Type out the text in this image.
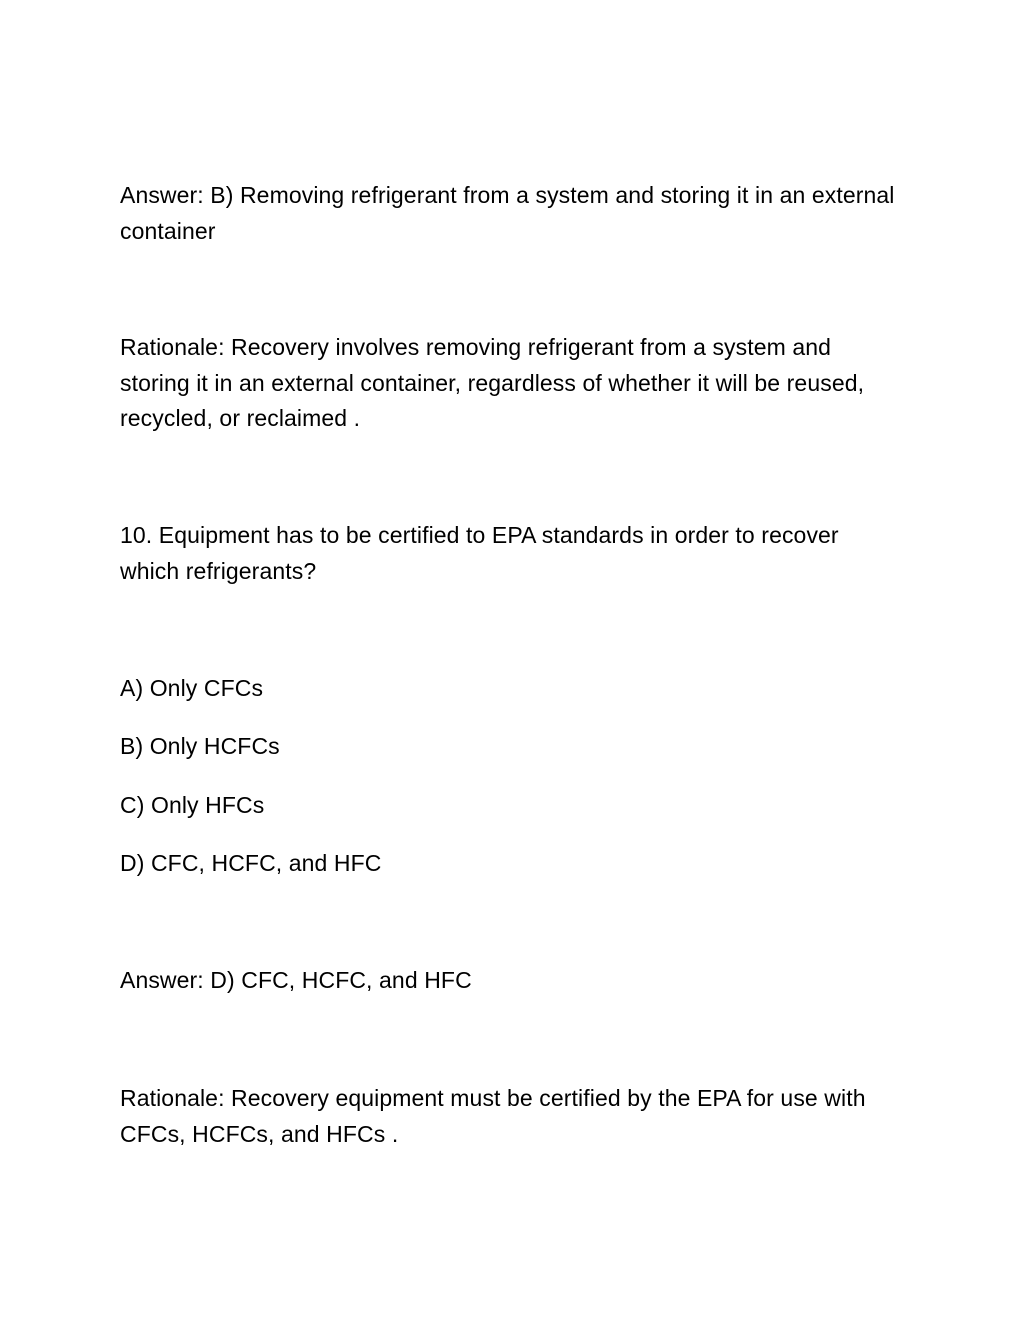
Answer: B) Removing refrigerant from a system and storing it in an external container

Rationale: Recovery involves removing refrigerant from a system and storing it in an external container, regardless of whether it will be reused, recycled, or reclaimed .

10. Equipment has to be certified to EPA standards in order to recover which refrigerants?

A) Only CFCs

B) Only HCFCs

C) Only HFCs

D) CFC, HCFC, and HFC

Answer: D) CFC, HCFC, and HFC

Rationale: Recovery equipment must be certified by the EPA for use with CFCs, HCFCs, and HFCs .
